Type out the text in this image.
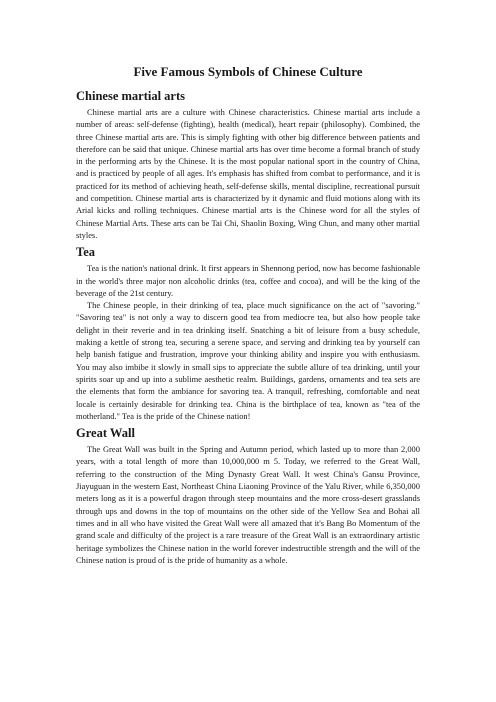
Five Famous Symbols of Chinese Culture
Chinese martial arts

Chinese martial arts are a culture with Chinese characteristics. Chinese martial arts include a number of areas: self-defense (fighting), health (medical), heart repair (philosophy). Combined, the three Chinese martial arts are. This is simply fighting with other big difference between patients and therefore can be said that unique. Chinese martial arts has over time become a formal branch of study in the performing arts by the Chinese. It is the most popular national sport in the country of China, and is practiced by people of all ages. It's emphasis has shifted from combat to performance, and it is practiced for its method of achieving heath, self-defense skills, mental discipline, recreational pursuit and competition. Chinese martial arts is characterized by it dynamic and fluid motions along with its Arial kicks and rolling techniques. Chinese martial arts is the Chinese word for all the styles of Chinese Martial Arts. These arts can be Tai Chi, Shaolin Boxing, Wing Chun, and many other martial styles.

Tea

Tea is the nation's national drink. It first appears in Shennong period, now has become fashionable in the world's three major non alcoholic drinks (tea, coffee and cocoa), and will be the king of the beverage of the 21st century.

The Chinese people, in their drinking of tea, place much significance on the act of "savoring." "Savoring tea" is not only a way to discern good tea from mediocre tea, but also how people take delight in their reverie and in tea drinking itself. Snatching a bit of leisure from a busy schedule, making a kettle of strong tea, securing a serene space, and serving and drinking tea by yourself can help banish fatigue and frustration, improve your thinking ability and inspire you with enthusiasm. You may also imbibe it slowly in small sips to appreciate the subtle allure of tea drinking, until your spirits soar up and up into a sublime aesthetic realm. Buildings, gardens, ornaments and tea sets are the elements that form the ambiance for savoring tea. A tranquil, refreshing, comfortable and neat locale is certainly desirable for drinking tea. China is the birthplace of tea, known as "tea of the motherland." Tea is the pride of the Chinese nation!

Great Wall

The Great Wall was built in the Spring and Autumn period, which lasted up to more than 2,000 years, with a total length of more than 10,000,000 m 5. Today, we referred to the Great Wall, referring to the construction of the Ming Dynasty Great Wall. It west China's Gansu Province, Jiayuguan in the western East, Northeast China Liaoning Province of the Yalu River, while 6,350,000 meters long as it is a powerful dragon through steep mountains and the more cross-desert grasslands through ups and downs in the top of mountains on the other side of the Yellow Sea and Bohai all times and in all who have visited the Great Wall were all amazed that it's Bang Bo Momentum of the grand scale and difficulty of the project is a rare treasure of the Great Wall is an extraordinary artistic heritage symbolizes the Chinese nation in the world forever indestructible strength and the will of the Chinese nation is proud of is the pride of humanity as a whole.
